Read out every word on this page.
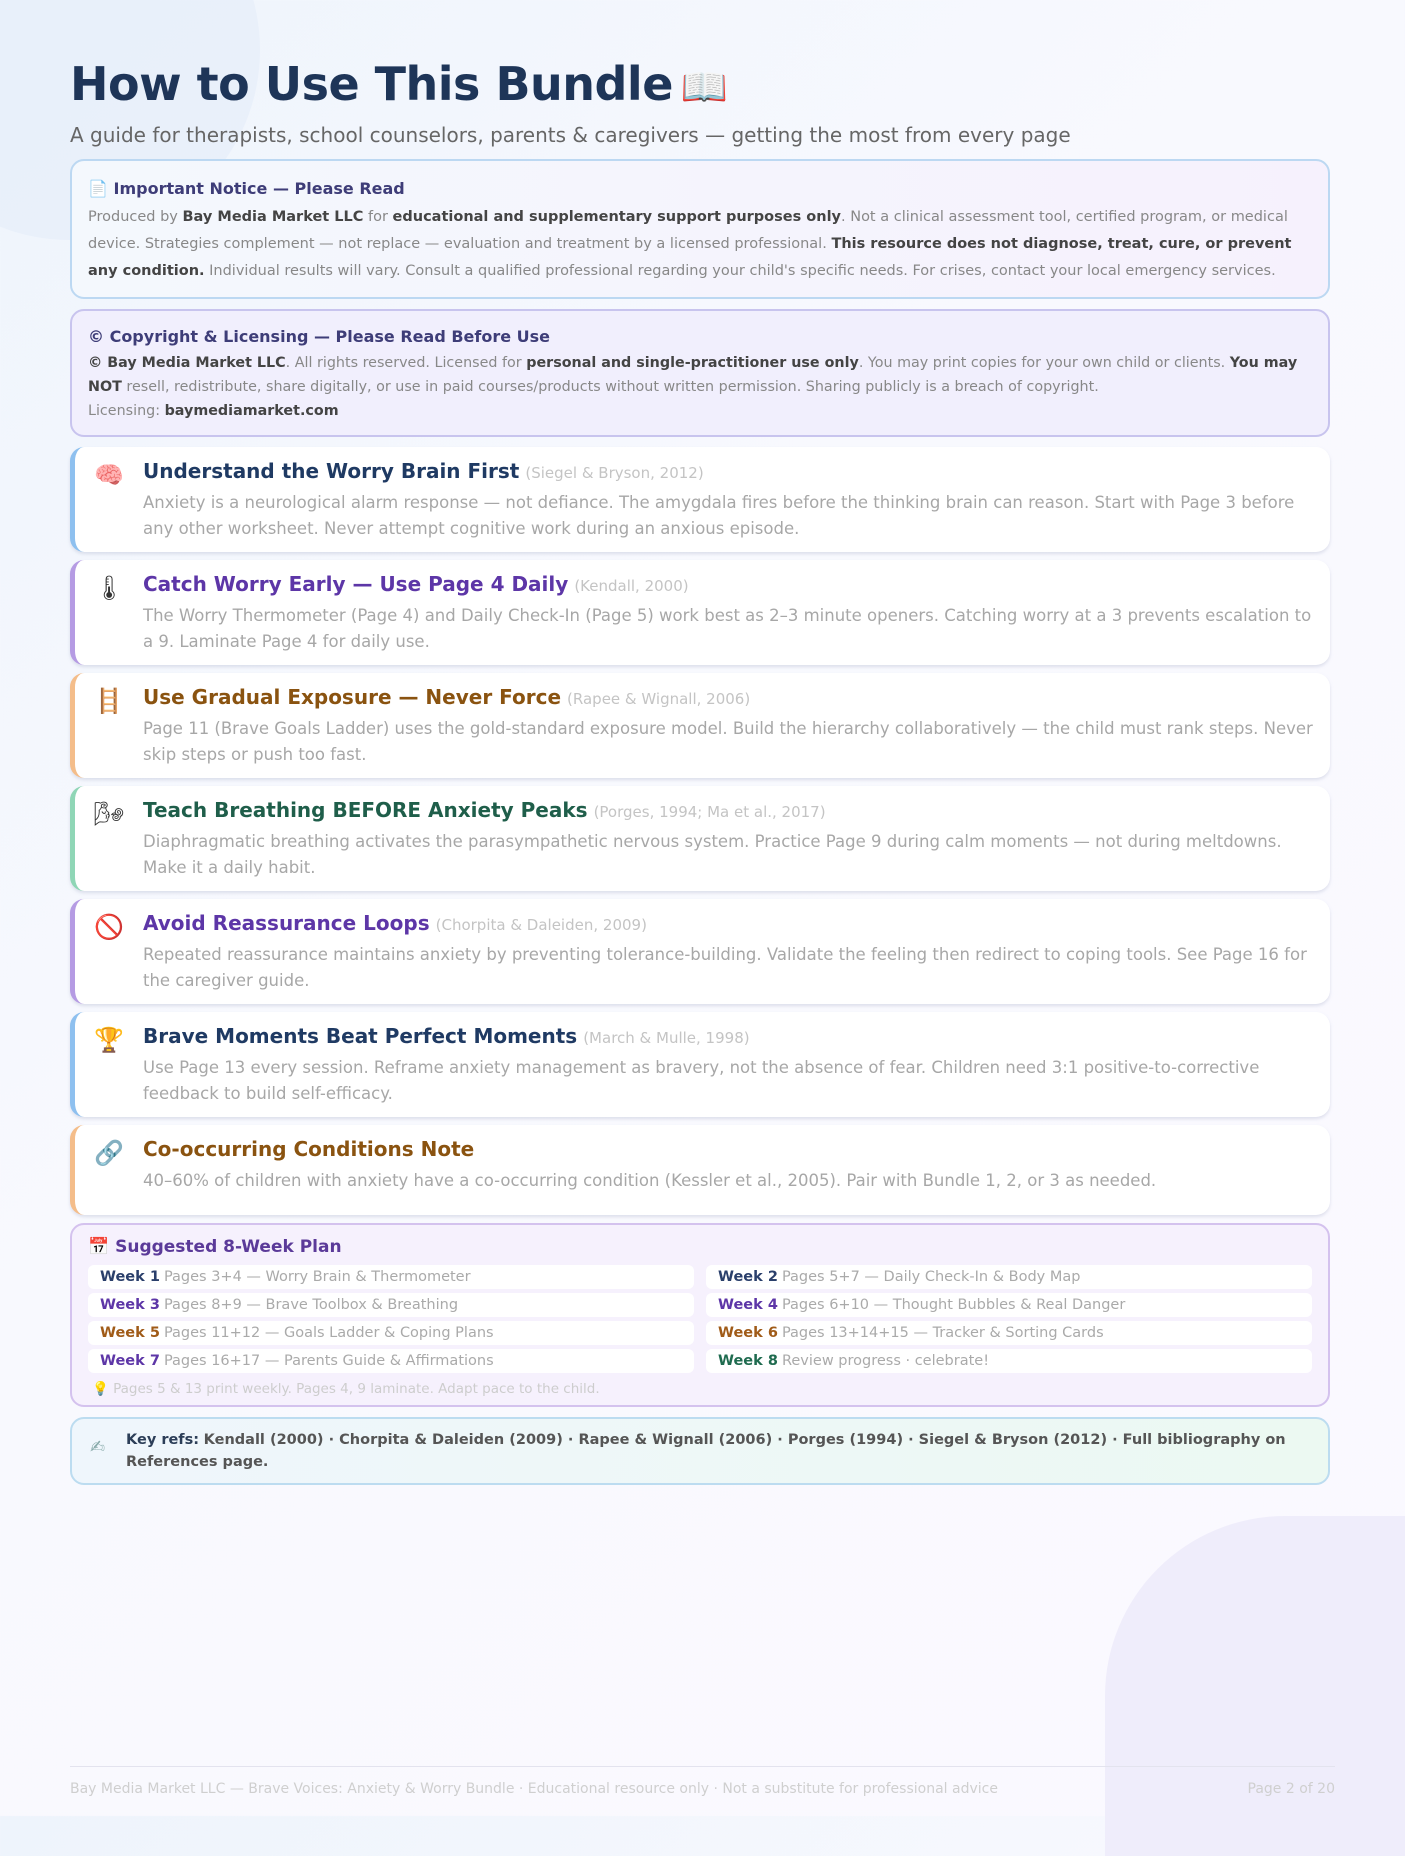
How to Use This Bundle 📖
A guide for therapists, school counselors, parents & caregivers — getting the most from every page
📄 Important Notice — Please Read
Produced by Bay Media Market LLC for educational and supplementary support purposes only. Not a clinical assessment tool, certified program, or medical device. Strategies complement — not replace — evaluation and treatment by a licensed professional. This resource does not diagnose, treat, cure, or prevent any condition. Individual results will vary. Consult a qualified professional regarding your child's specific needs. For crises, contact your local emergency services.
© Copyright & Licensing — Please Read Before Use
© Bay Media Market LLC. All rights reserved. Licensed for personal and single-practitioner use only. You may print copies for your own child or clients. You may NOT resell, redistribute, share digitally, or use in paid courses/products without written permission. Sharing publicly is a breach of copyright.
Licensing: baymediamarket.com
🧠 Understand the Worry Brain First (Siegel & Bryson, 2012)
Anxiety is a neurological alarm response — not defiance. The amygdala fires before the thinking brain can reason. Start with Page 3 before any other worksheet. Never attempt cognitive work during an anxious episode.
🌡 Catch Worry Early — Use Page 4 Daily (Kendall, 2000)
The Worry Thermometer (Page 4) and Daily Check-In (Page 5) work best as 2–3 minute openers. Catching worry at a 3 prevents escalation to a 9. Laminate Page 4 for daily use.
🪜 Use Gradual Exposure — Never Force (Rapee & Wignall, 2006)
Page 11 (Brave Goals Ladder) uses the gold-standard exposure model. Build the hierarchy collaboratively — the child must rank steps. Never skip steps or push too fast.
🌬 Teach Breathing BEFORE Anxiety Peaks (Porges, 1994; Ma et al., 2017)
Diaphragmatic breathing activates the parasympathetic nervous system. Practice Page 9 during calm moments — not during meltdowns. Make it a daily habit.
🚫 Avoid Reassurance Loops (Chorpita & Daleiden, 2009)
Repeated reassurance maintains anxiety by preventing tolerance-building. Validate the feeling then redirect to coping tools. See Page 16 for the caregiver guide.
🏆 Brave Moments Beat Perfect Moments (March & Mulle, 1998)
Use Page 13 every session. Reframe anxiety management as bravery, not the absence of fear. Children need 3:1 positive-to-corrective feedback to build self-efficacy.
🔗 Co-occurring Conditions Note
40–60% of children with anxiety have a co-occurring condition (Kessler et al., 2005). Pair with Bundle 1, 2, or 3 as needed.
📅 Suggested 8-Week Plan
Week 1 Pages 3+4 — Worry Brain & Thermometer	Week 2 Pages 5+7 — Daily Check-In & Body Map
Week 3 Pages 8+9 — Brave Toolbox & Breathing	Week 4 Pages 6+10 — Thought Bubbles & Real Danger
Week 5 Pages 11+12 — Goals Ladder & Coping Plans	Week 6 Pages 13+14+15 — Tracker & Sorting Cards
Week 7 Pages 16+17 — Parents Guide & Affirmations	Week 8 Review progress · celebrate!
💡 Pages 5 & 13 print weekly. Pages 4, 9 laminate. Adapt pace to the child.
✍ Key refs: Kendall (2000) · Chorpita & Daleiden (2009) · Rapee & Wignall (2006) · Porges (1994) · Siegel & Bryson (2012) · Full bibliography on References page.
Bay Media Market LLC — Brave Voices: Anxiety & Worry Bundle · Educational resource only · Not a substitute for professional advice	Page 2 of 20
